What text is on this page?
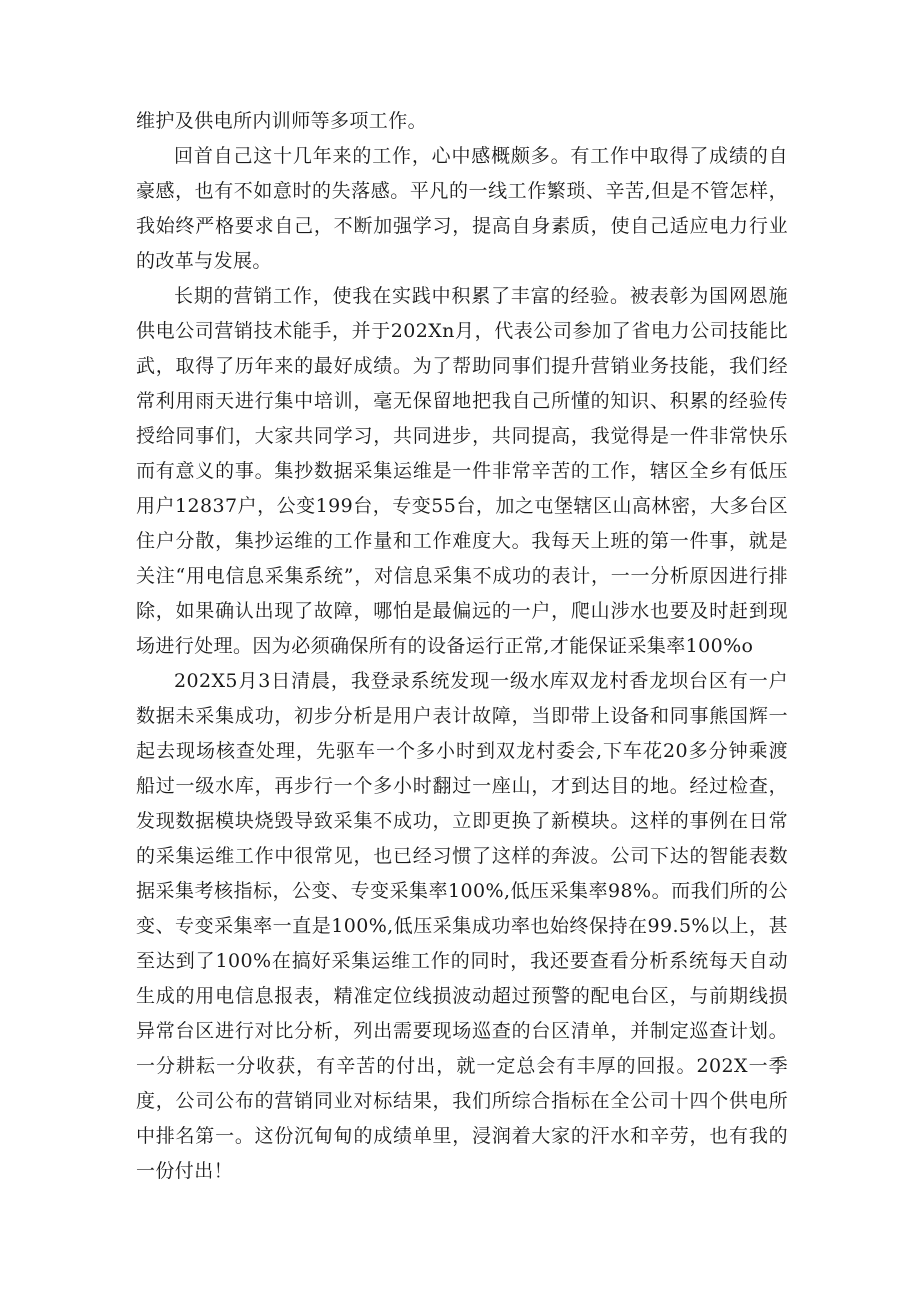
维护及供电所内训师等多项工作。

回首自己这十几年来的工作，心中感概颇多。有工作中取得了成绩的自豪感，也有不如意时的失落感。平凡的一线工作繁琐、辛苦,但是不管怎样，我始终严格要求自己，不断加强学习，提高自身素质，使自己适应电力行业的改革与发展。

长期的营销工作，使我在实践中积累了丰富的经验。被表彰为国网恩施供电公司营销技术能手，并于202Xn月，代表公司参加了省电力公司技能比武，取得了历年来的最好成绩。为了帮助同事们提升营销业务技能，我们经常利用雨天进行集中培训，毫无保留地把我自己所懂的知识、积累的经验传授给同事们，大家共同学习，共同进步，共同提高，我觉得是一件非常快乐而有意义的事。集抄数据采集运维是一件非常辛苦的工作，辖区全乡有低压用户12837户，公变199台，专变55台，加之屯堡辖区山高林密，大多台区住户分散，集抄运维的工作量和工作难度大。我每天上班的第一件事，就是关注“用电信息采集系统”，对信息采集不成功的表计，一一分析原因进行排除，如果确认出现了故障，哪怕是最偏远的一户，爬山涉水也要及时赶到现场进行处理。因为必须确保所有的设备运行正常,才能保证采集率100%o

202X5月3日清晨，我登录系统发现一级水库双龙村香龙坝台区有一户数据未采集成功，初步分析是用户表计故障，当即带上设备和同事熊国辉一起去现场核查处理，先驱车一个多小时到双龙村委会,下车花20多分钟乘渡船过一级水库，再步行一个多小时翻过一座山，才到达目的地。经过检查，发现数据模块烧毁导致采集不成功，立即更换了新模块。这样的事例在日常的采集运维工作中很常见，也已经习惯了这样的奔波。公司下达的智能表数据采集考核指标，公变、专变采集率100%,低压采集率98%。而我们所的公变、专变采集率一直是100%,低压采集成功率也始终保持在99.5%以上，甚至达到了100%在搞好采集运维工作的同时，我还要查看分析系统每天自动生成的用电信息报表，精准定位线损波动超过预警的配电台区，与前期线损异常台区进行对比分析，列出需要现场巡查的台区清单，并制定巡查计划。一分耕耘一分收获，有辛苦的付出，就一定总会有丰厚的回报。202X一季度，公司公布的营销同业对标结果，我们所综合指标在全公司十四个供电所中排名第一。这份沉甸甸的成绩单里，浸润着大家的汗水和辛劳，也有我的一份付出！
